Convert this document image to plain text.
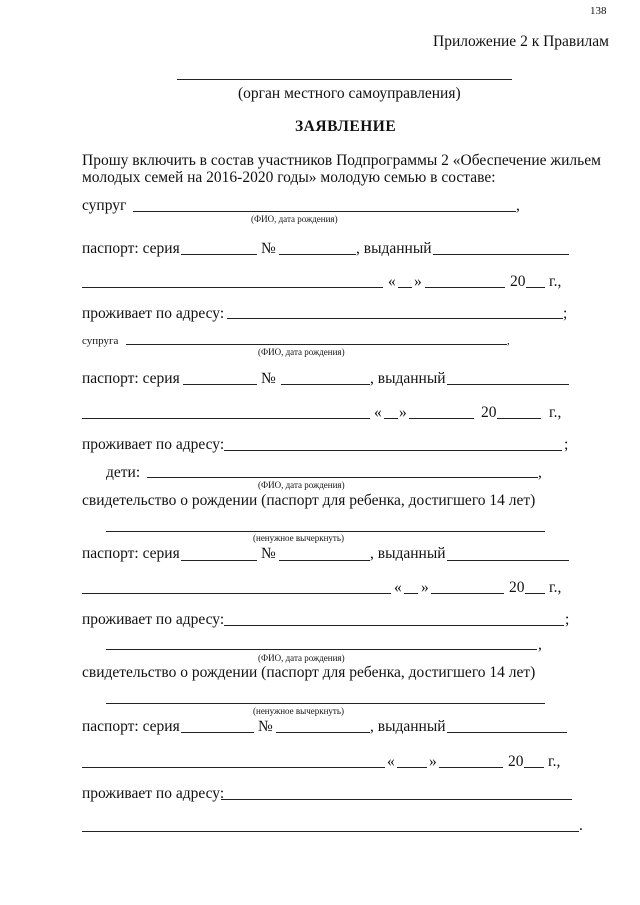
138
Приложение 2 к Правилам
(орган местного самоуправления)
ЗАЯВЛЕНИЕ
Прошу включить в состав участников Подпрограммы 2 «Обеспечение жильем
молодых семей на 2016-2020 годы» молодую семью в составе:
супруг	,
(ФИО, дата рождения)
паспорт: серия	№	, выданный
« »	20 г.,
проживает по адресу:	;
супруга	,
(ФИО, дата рождения)
паспорт: серия	№	, выданный
« »	20	г.,
проживает по адресу:	;
дети:	,
(ФИО, дата рождения)
свидетельство о рождении (паспорт для ребенка, достигшего 14 лет)
(ненужное вычеркнуть)
паспорт: серия	№	, выданный
« »	20 г.,
проживает по адресу:	;
,
(ФИО, дата рождения)
свидетельство о рождении (паспорт для ребенка, достигшего 14 лет)
(ненужное вычеркнуть)
паспорт: серия	№	, выданный
« »	20 г.,
проживает по адресу:
.
